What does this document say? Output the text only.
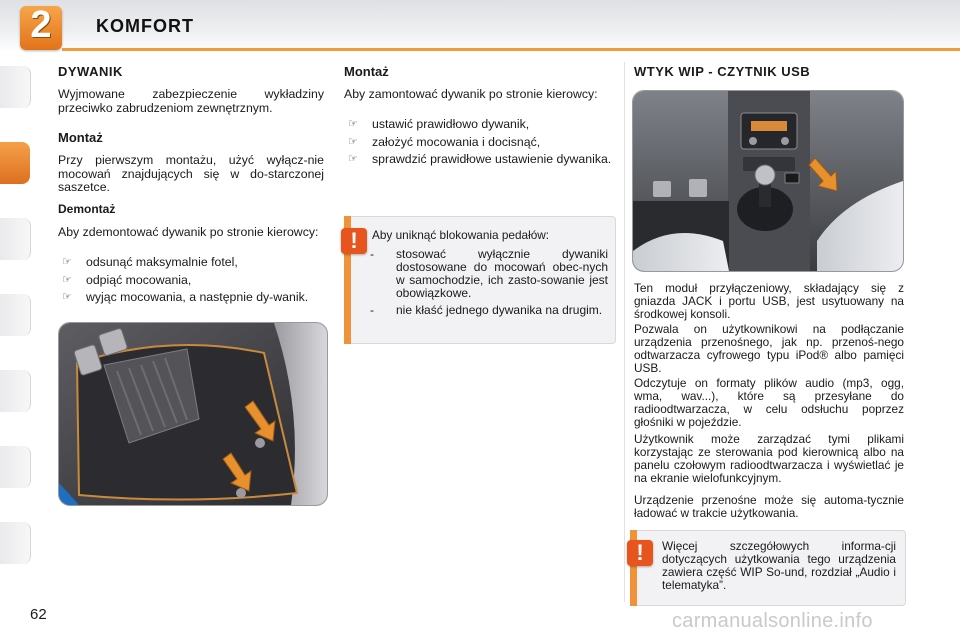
2	KOMFORT
DYWANIK
Wyjmowane zabezpieczenie wykładziny przeciwko zabrudzeniom zewnętrznym.
Montaż
Przy pierwszym montażu, użyć wyłącz-nie mocowań znajdujących się w do-starczonej saszetce.
Demontaż
Aby zdemontować dywanik po stronie kierowcy:
☞ odsunąć maksymalnie fotel,
☞ odpiąć mocowania,
☞ wyjąc mocowania, a następnie dy-wanik.
Montaż
Aby zamontować dywanik po stronie kierowcy:
☞ ustawić prawidłowo dywanik,
☞ założyć mocowania i docisnąć,
☞ sprawdzić prawidłowe ustawienie dywanika.
!	Aby uniknąć blokowania pedałów:
- stosować wyłącznie dywaniki dostosowane do mocowań obec-nych w samochodzie, ich zasto-sowanie jest obowiązkowe.
- nie kłaść jednego dywanika na drugim.
WTYK WIP - CZYTNIK USB
Ten moduł przyłączeniowy, składający się z gniazda JACK i portu USB, jest usytuowany na środkowej konsoli.
Pozwala on użytkownikowi na podłączanie urządzenia przenośnego, jak np. przenoś-nego odtwarzacza cyfrowego typu iPod® albo pamięci USB.
Odczytuje on formaty plików audio (mp3, ogg, wma, wav...), które są przesyłane do radioodtwarzacza, w celu odsłuchu poprzez głośniki w pojeździe.
Użytkownik może zarządzać tymi plikami korzystając ze sterowania pod kierownicą albo na panelu czołowym radioodtwarzacza i wyświetlać je na ekranie wielofunkcyjnym.
Urządzenie przenośne może się automa-tycznie ładować w trakcie użytkowania.
!	Więcej szczegółowych informa-cji dotyczących użytkowania tego urządzenia zawiera część WIP So-und, rozdział „Audio i telematyka”.
62	carmanualsonline.info
